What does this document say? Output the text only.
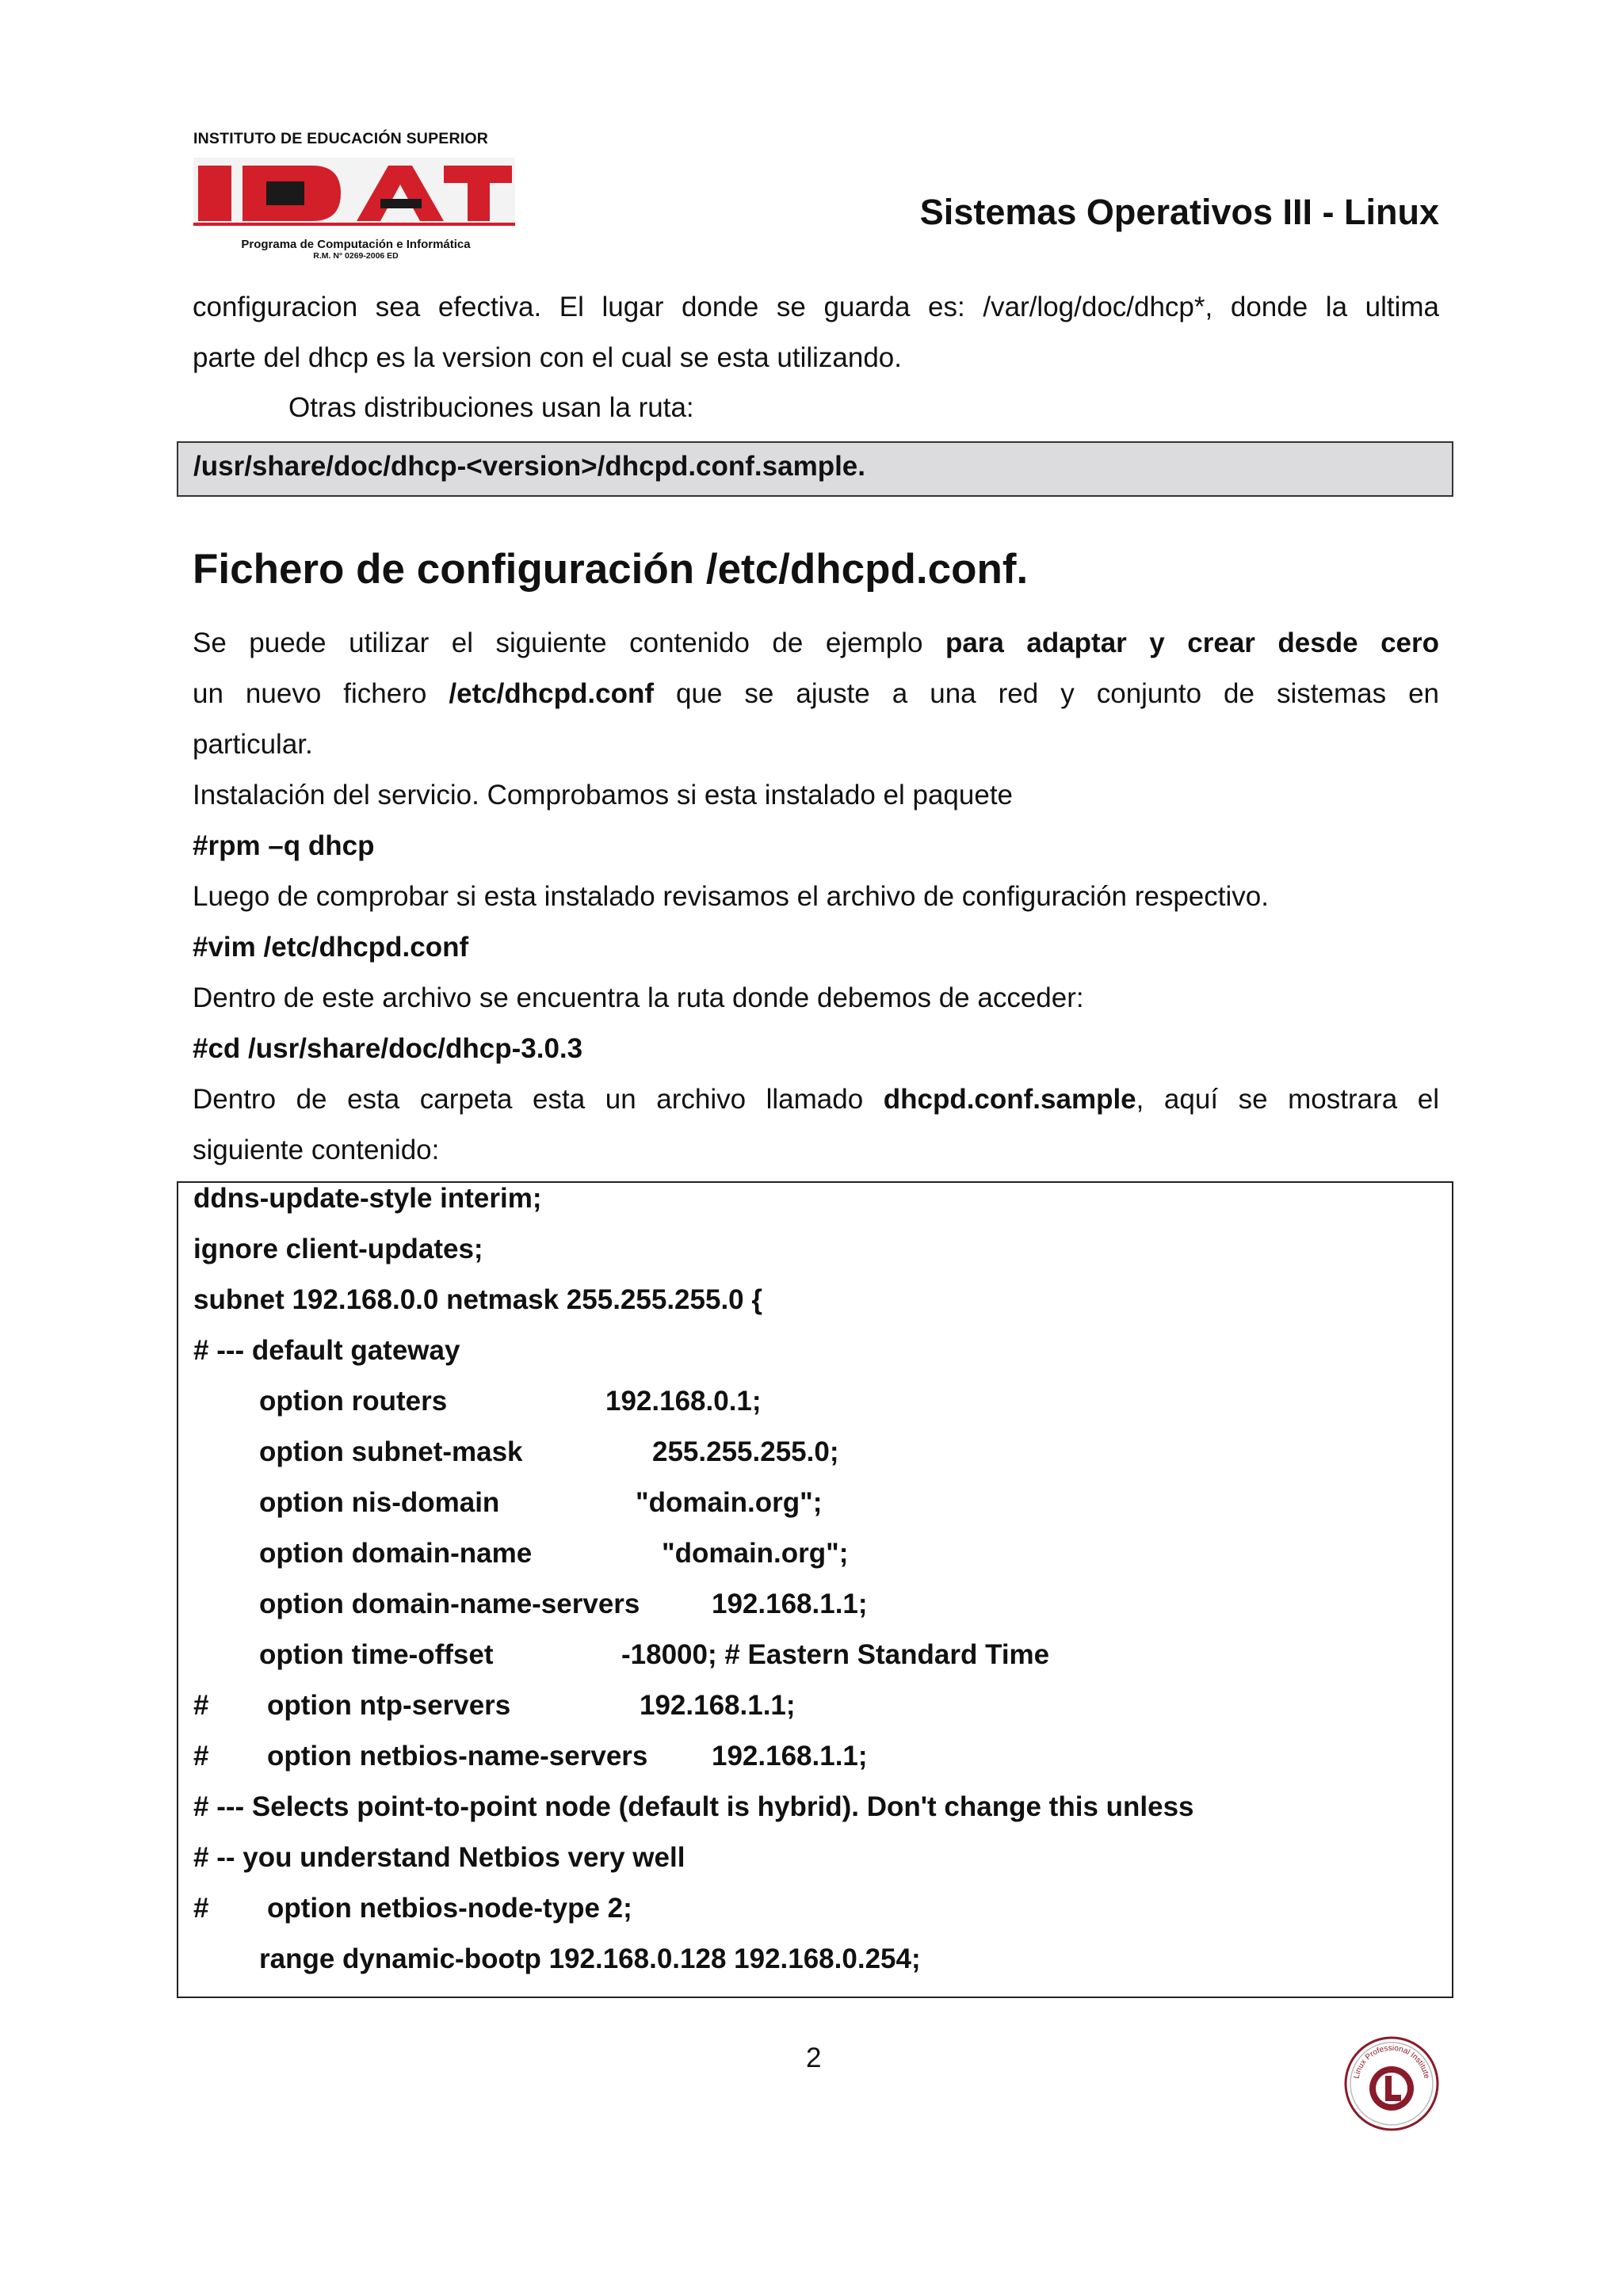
INSTITUTO DE EDUCACIÓN SUPERIOR
IDAT
Programa de Computación e Informática
R.M. N° 0269-2006 ED
Sistemas Operativos III - Linux
configuracion sea efectiva. El lugar donde se guarda es: /var/log/doc/dhcp*, donde la ultima
parte del dhcp es la version con el cual se esta utilizando.
Otras distribuciones usan la ruta:
/usr/share/doc/dhcp-<version>/dhcpd.conf.sample.
Fichero de configuración /etc/dhcpd.conf.
Se puede utilizar el siguiente contenido de ejemplo para adaptar y crear desde cero
un nuevo fichero /etc/dhcpd.conf que se ajuste a una red y conjunto de sistemas en
particular.
Instalación del servicio. Comprobamos si esta instalado el paquete
#rpm –q dhcp
Luego de comprobar si esta instalado revisamos el archivo de configuración respectivo.
#vim /etc/dhcpd.conf
Dentro de este archivo se encuentra la ruta donde debemos de acceder:
#cd /usr/share/doc/dhcp-3.0.3
Dentro de esta carpeta esta un archivo llamado dhcpd.conf.sample, aquí se mostrara el
siguiente contenido:
ddns-update-style interim;
ignore client-updates;
subnet 192.168.0.0 netmask 255.255.255.0 {
# --- default gateway
option routers	192.168.0.1;
option subnet-mask	255.255.255.0;
option nis-domain	"domain.org";
option domain-name	"domain.org";
option domain-name-servers	192.168.1.1;
option time-offset	-18000; # Eastern Standard Time
# option ntp-servers	192.168.1.1;
# option netbios-name-servers 192.168.1.1;
# --- Selects point-to-point node (default is hybrid). Don't change this unless
# -- you understand Netbios very well
# option netbios-node-type 2;
range dynamic-bootp 192.168.0.128 192.168.0.254;
2
Linux Professional Institute
